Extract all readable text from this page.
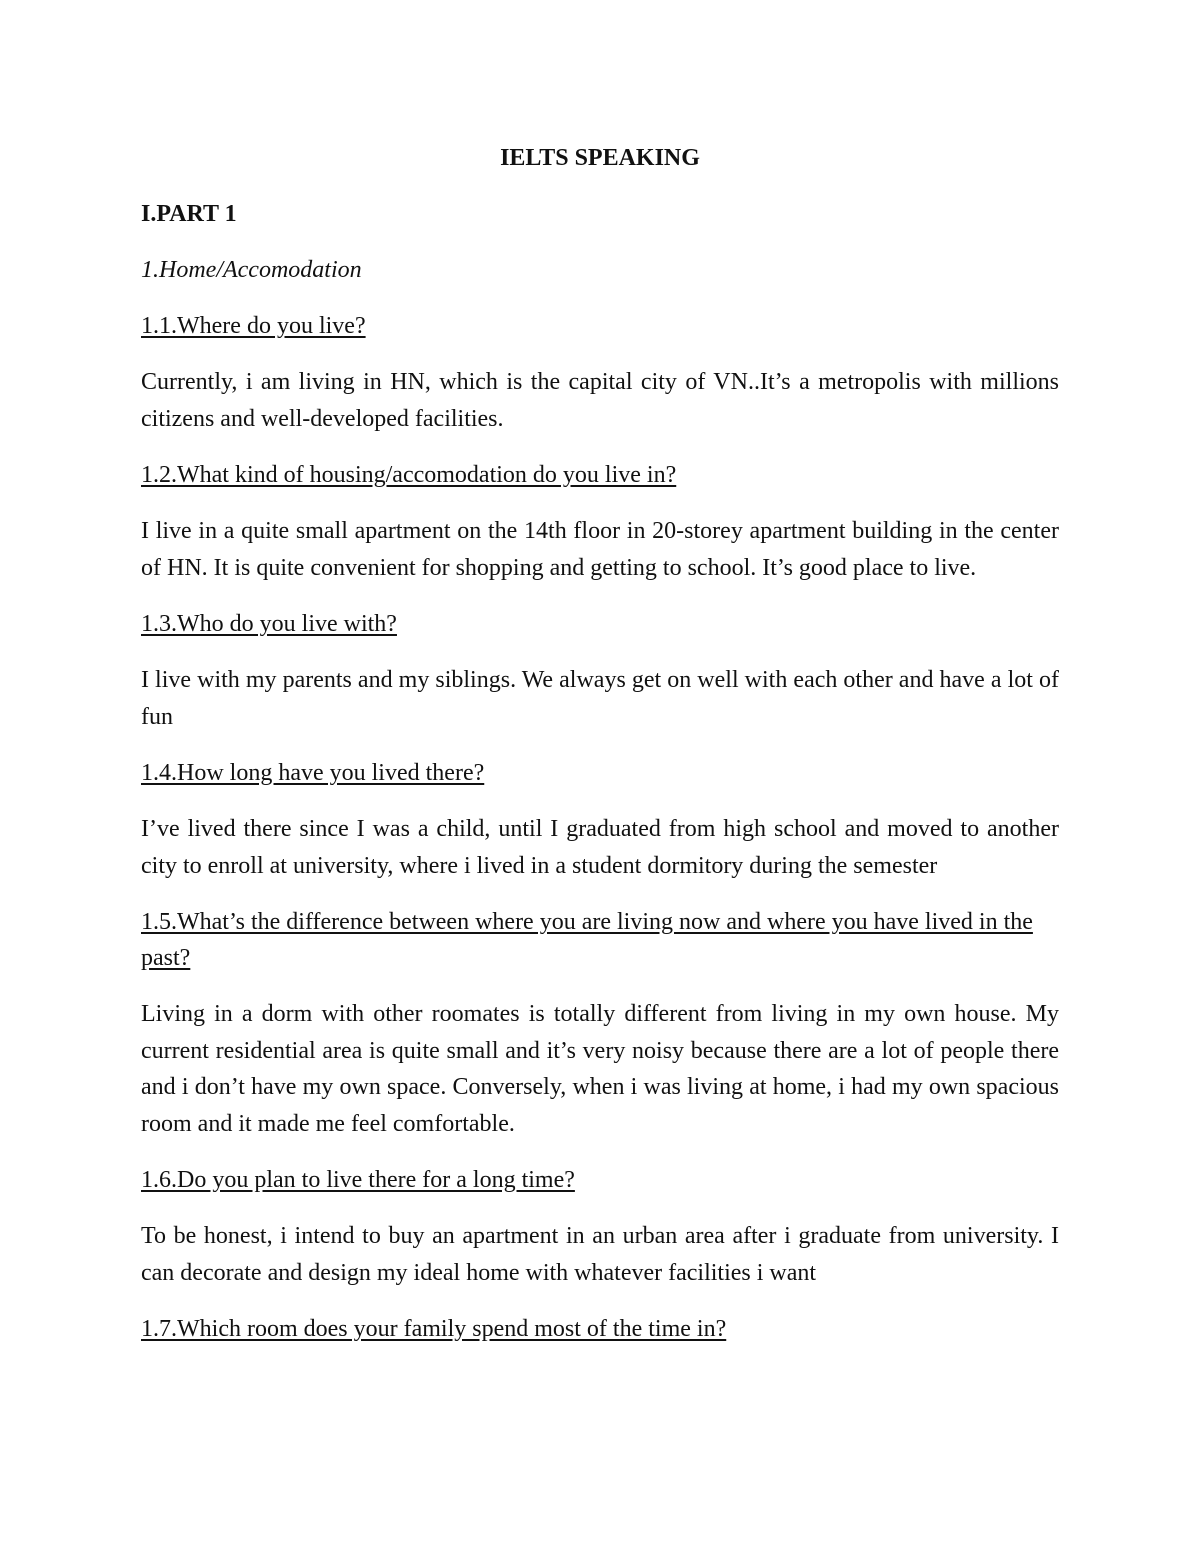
IELTS SPEAKING

I.PART 1

1.Home/Accomodation

1.1.Where do you live?

Currently, i am living in HN, which is the capital city of VN..It’s a metropolis with millions citizens and well-developed facilities.

1.2.What kind of housing/accomodation do you live in?

I live in a quite small apartment on the 14th floor in 20-storey apartment building in the center of HN. It is quite convenient for shopping and getting to school. It’s good place to live.

1.3.Who do you live with?

I live with my parents and my siblings. We always get on well with each other and have a lot of fun

1.4.How long have you lived there?

I’ve lived there since I was a child, until I graduated from high school and moved to another city to enroll at university, where i lived in a student dormitory during the semester

1.5.What’s the difference between where you are living now and where you have lived in the past?

Living in a dorm with other roomates is totally different from living in my own house. My current residential area is quite small and it’s very noisy because there are a lot of people there and i don’t have my own space. Conversely, when i was living at home, i had my own spacious room and it made me feel comfortable.

1.6.Do you plan to live there for a long time?

To be honest, i intend to buy an apartment in an urban area after i graduate from university. I can decorate and design my ideal home with whatever facilities i want

1.7.Which room does your family spend most of the time in?
